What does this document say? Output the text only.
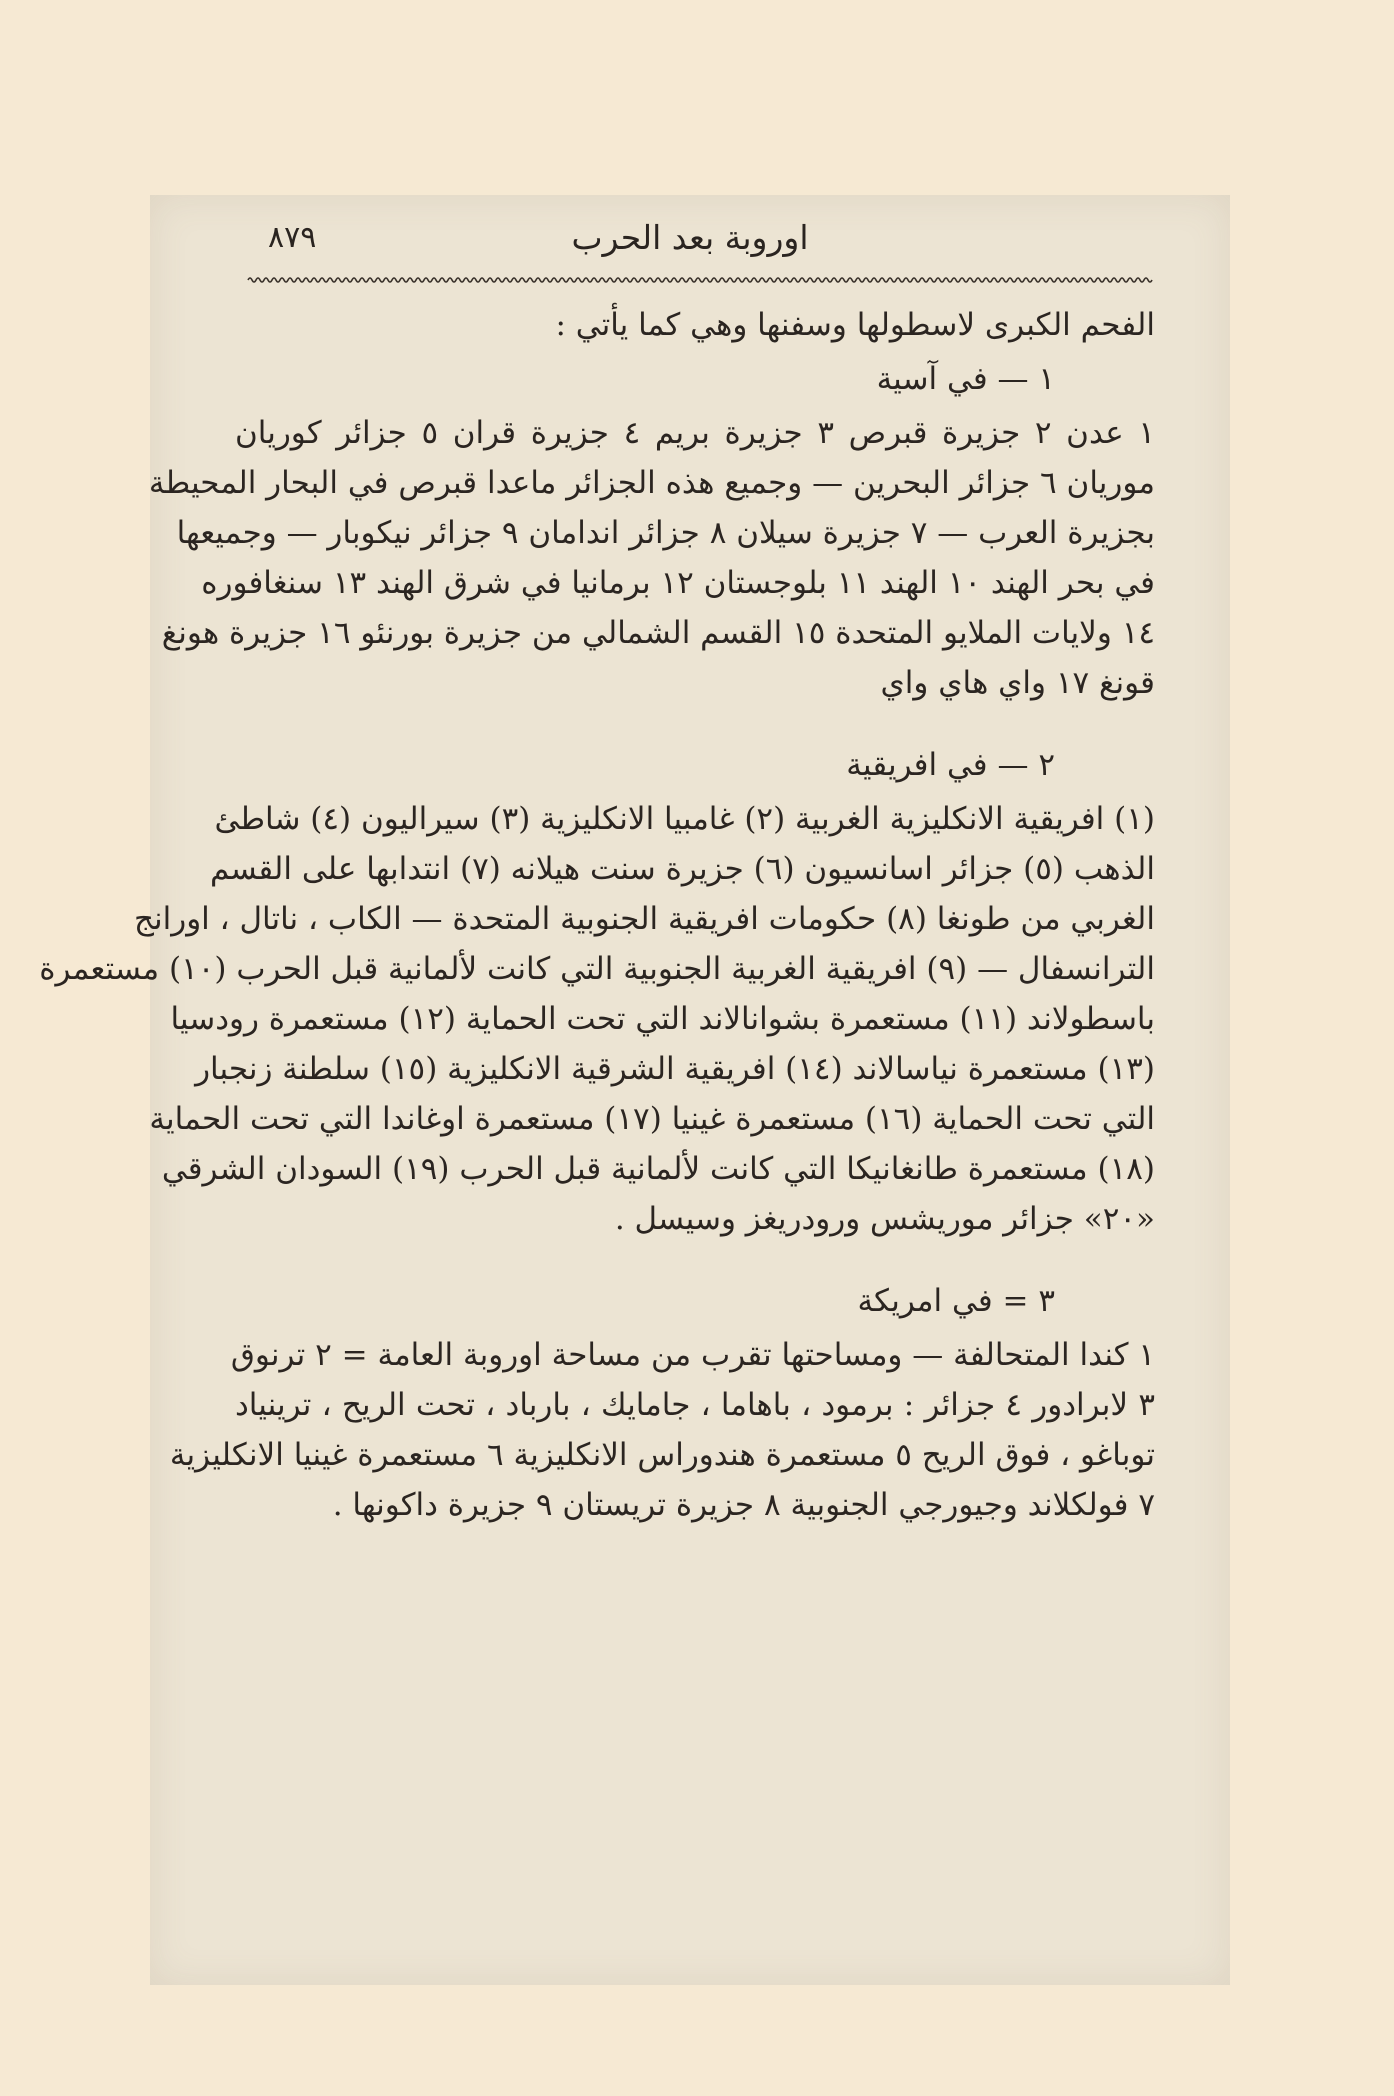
اوروبة بعد الحرب
٨٧٩
الفحم الكبرى لاسطولها وسفنها وهي كما يأتي :
١ — في آسية
١ عدن ٢ جزيرة قبرص ٣ جزيرة بريم ٤ جزيرة قران ٥ جزائر كوريان
موريان ٦ جزائر البحرين — وجميع هذه الجزائر ماعدا قبرص في البحار المحيطة
بجزيرة العرب — ٧ جزيرة سيلان ٨ جزائر اندامان ٩ جزائر نيكوبار — وجميعها
في بحر الهند ١٠ الهند ١١ بلوجستان ١٢ برمانيا في شرق الهند ١٣ سنغافوره
١٤ ولايات الملايو المتحدة ١٥ القسم الشمالي من جزيرة بورنئو ١٦ جزيرة هونغ
قونغ ١٧ واي هاي واي
٢ — في افريقية
(١) افريقية الانكليزية الغربية (٢) غامبيا الانكليزية (٣) سيراليون (٤) شاطئ
الذهب (٥) جزائر اسانسيون (٦) جزيرة سنت هيلانه (٧) انتدابها على القسم
الغربي من طونغا (٨) حكومات افريقية الجنوبية المتحدة — الكاب ، ناتال ، اورانج
الترانسفال — (٩) افريقية الغربية الجنوبية التي كانت لألمانية قبل الحرب (١٠) مستعمرة
باسطولاند (١١) مستعمرة بشوانالاند التي تحت الحماية (١٢) مستعمرة رودسيا
(١٣) مستعمرة نياسالاند (١٤) افريقية الشرقية الانكليزية (١٥) سلطنة زنجبار
التي تحت الحماية (١٦) مستعمرة غينيا (١٧) مستعمرة اوغاندا التي تحت الحماية
(١٨) مستعمرة طانغانيكا التي كانت لألمانية قبل الحرب (١٩) السودان الشرقي
«٢٠» جزائر موريشس ورودريغز وسيسل .
٣ = في امريكة
١ كندا المتحالفة — ومساحتها تقرب من مساحة اوروبة العامة = ٢ ترنوق
٣ لابرادور ٤ جزائر : برمود ، باهاما ، جامايك ، بارباد ، تحت الريح ، ترينياد
توباغو ، فوق الريح ٥ مستعمرة هندوراس الانكليزية ٦ مستعمرة غينيا الانكليزية
٧ فولكلاند وجيورجي الجنوبية ٨ جزيرة تريستان ٩ جزيرة داكونها .
